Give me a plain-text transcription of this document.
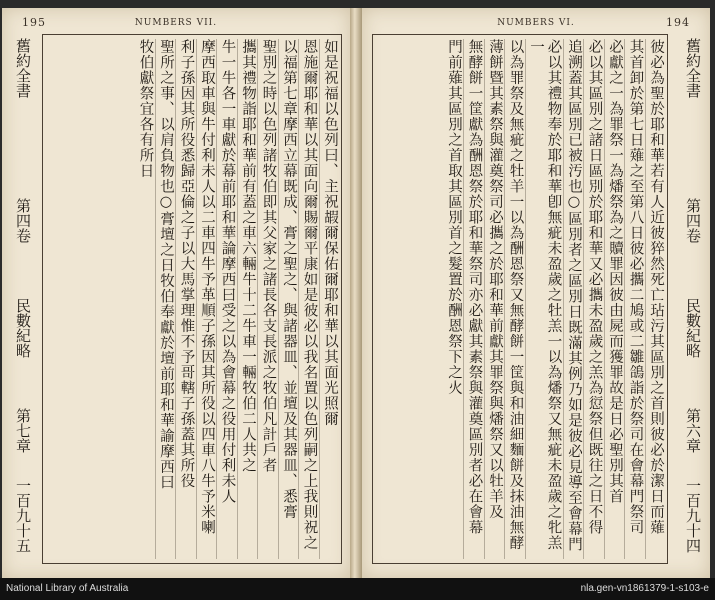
195	NUMBERS VII.
舊約全書
第四卷
民數紀略
第七章
一百九十五
如是祝福以色列曰、主祝嘏爾保佑爾耶和華以其面光照爾
恩施爾耶和華以其面向爾賜爾平康如是彼必以我名置以色列嗣之上我則祝之
以福第七章摩西立幕既成、膏之聖之、與諸器皿、並壇及其器皿、悉膏
聖別之時以色列諸牧伯即其父家之諸長各支長派之牧伯凡計戶者
攜其禮物詣耶和華前有蓋之車六輛牛十二牛車一輛牧伯二人共之
牛一牛各一車獻於幕前耶和華論摩西曰受之以為會幕之役用付利未人
摩西取車與牛付利未人以二車四牛予革順子孫因其所役以四車八牛予米喇
利子孫因其所役悉歸亞倫之子以大馬掌理惟不予哥轄子孫蓋其所役
聖所之事、以肩負物也○膏壇之日牧伯奉獻於壇前耶和華諭摩西曰
牧伯獻祭宜各有所日
NUMBERS VI.	194
彼必為聖於耶和華若有人近彼猝然死亡玷污其區別之首則彼必於潔日而薙
其首卸於第七日薙之至第八日彼必攜二鳩或二雛鴿詣於祭司在會幕門祭司
必獻之一為罪祭一為燔祭為之贖罪因彼由屍而獲罪故是日必聖別其首
必以其區別之諸日區別於耶和華又必攜未盈歲之羔為愆祭但既往之日不得
追溯蓋其區別已被汚也○區別者之區別日既滿其例乃如是彼必見導至會幕門
必以其禮物奉於耶和華卽無疵未盈歲之牡羔一以為燔祭又無疵未盈歲之牝羔一
以為罪祭及無疵之牡羊一以為酬恩祭又無酵餅一筐與和油細麵餅及抹油無酵
薄餅暨其素祭與灌奠祭司必攜之於耶和華前獻其罪祭與燔祭又以牡羊及
無酵餅一筐獻為酬恩祭於耶和華祭司亦必獻其素祭與灌奠區別者必在會幕
門前薙其區別之首取其區別首之髮置於酬恩祭下之火	舊約全書
第四卷
民數紀略
第六章
一百九十四
National Library of Australia	nla.gen-vn1861379-1-s103-e
